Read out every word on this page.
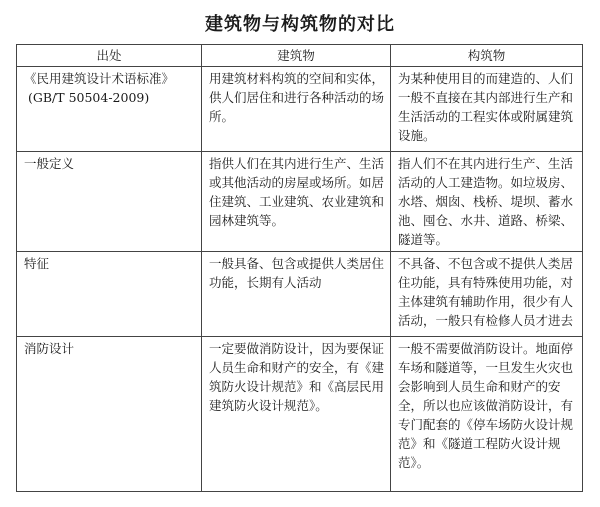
建筑物与构筑物的对比
出处	建筑物	构筑物
《民用建筑设计术语标准》
(GB/T 50504-2009)	用建筑材料构筑的空间和实体，供人们居住和进行各种活动的场所。	为某种使用目的而建造的、人们一般不直接在其内部进行生产和生活活动的工程实体或附属建筑设施。
一般定义	指供人们在其内进行生产、生活或其他活动的房屋或场所。如居住建筑、工业建筑、农业建筑和园林建筑等。	指人们不在其内进行生产、生活活动的人工建造物。如垃圾房、水塔、烟囱、栈桥、堤坝、蓄水池、囤仓、水井、道路、桥梁、隧道等。
特征	一般具备、包含或提供人类居住功能，长期有人活动	不具备、不包含或不提供人类居住功能，具有特殊使用功能，对主体建筑有辅助作用，很少有人活动，一般只有检修人员才进去
消防设计	一定要做消防设计，因为要保证人员生命和财产的安全，有《建筑防火设计规范》和《高层民用建筑防火设计规范》。	一般不需要做消防设计。地面停车场和隧道等，一旦发生火灾也会影响到人员生命和财产的安全，所以也应该做消防设计，有专门配套的《停车场防火设计规范》和《隧道工程防火设计规范》。
